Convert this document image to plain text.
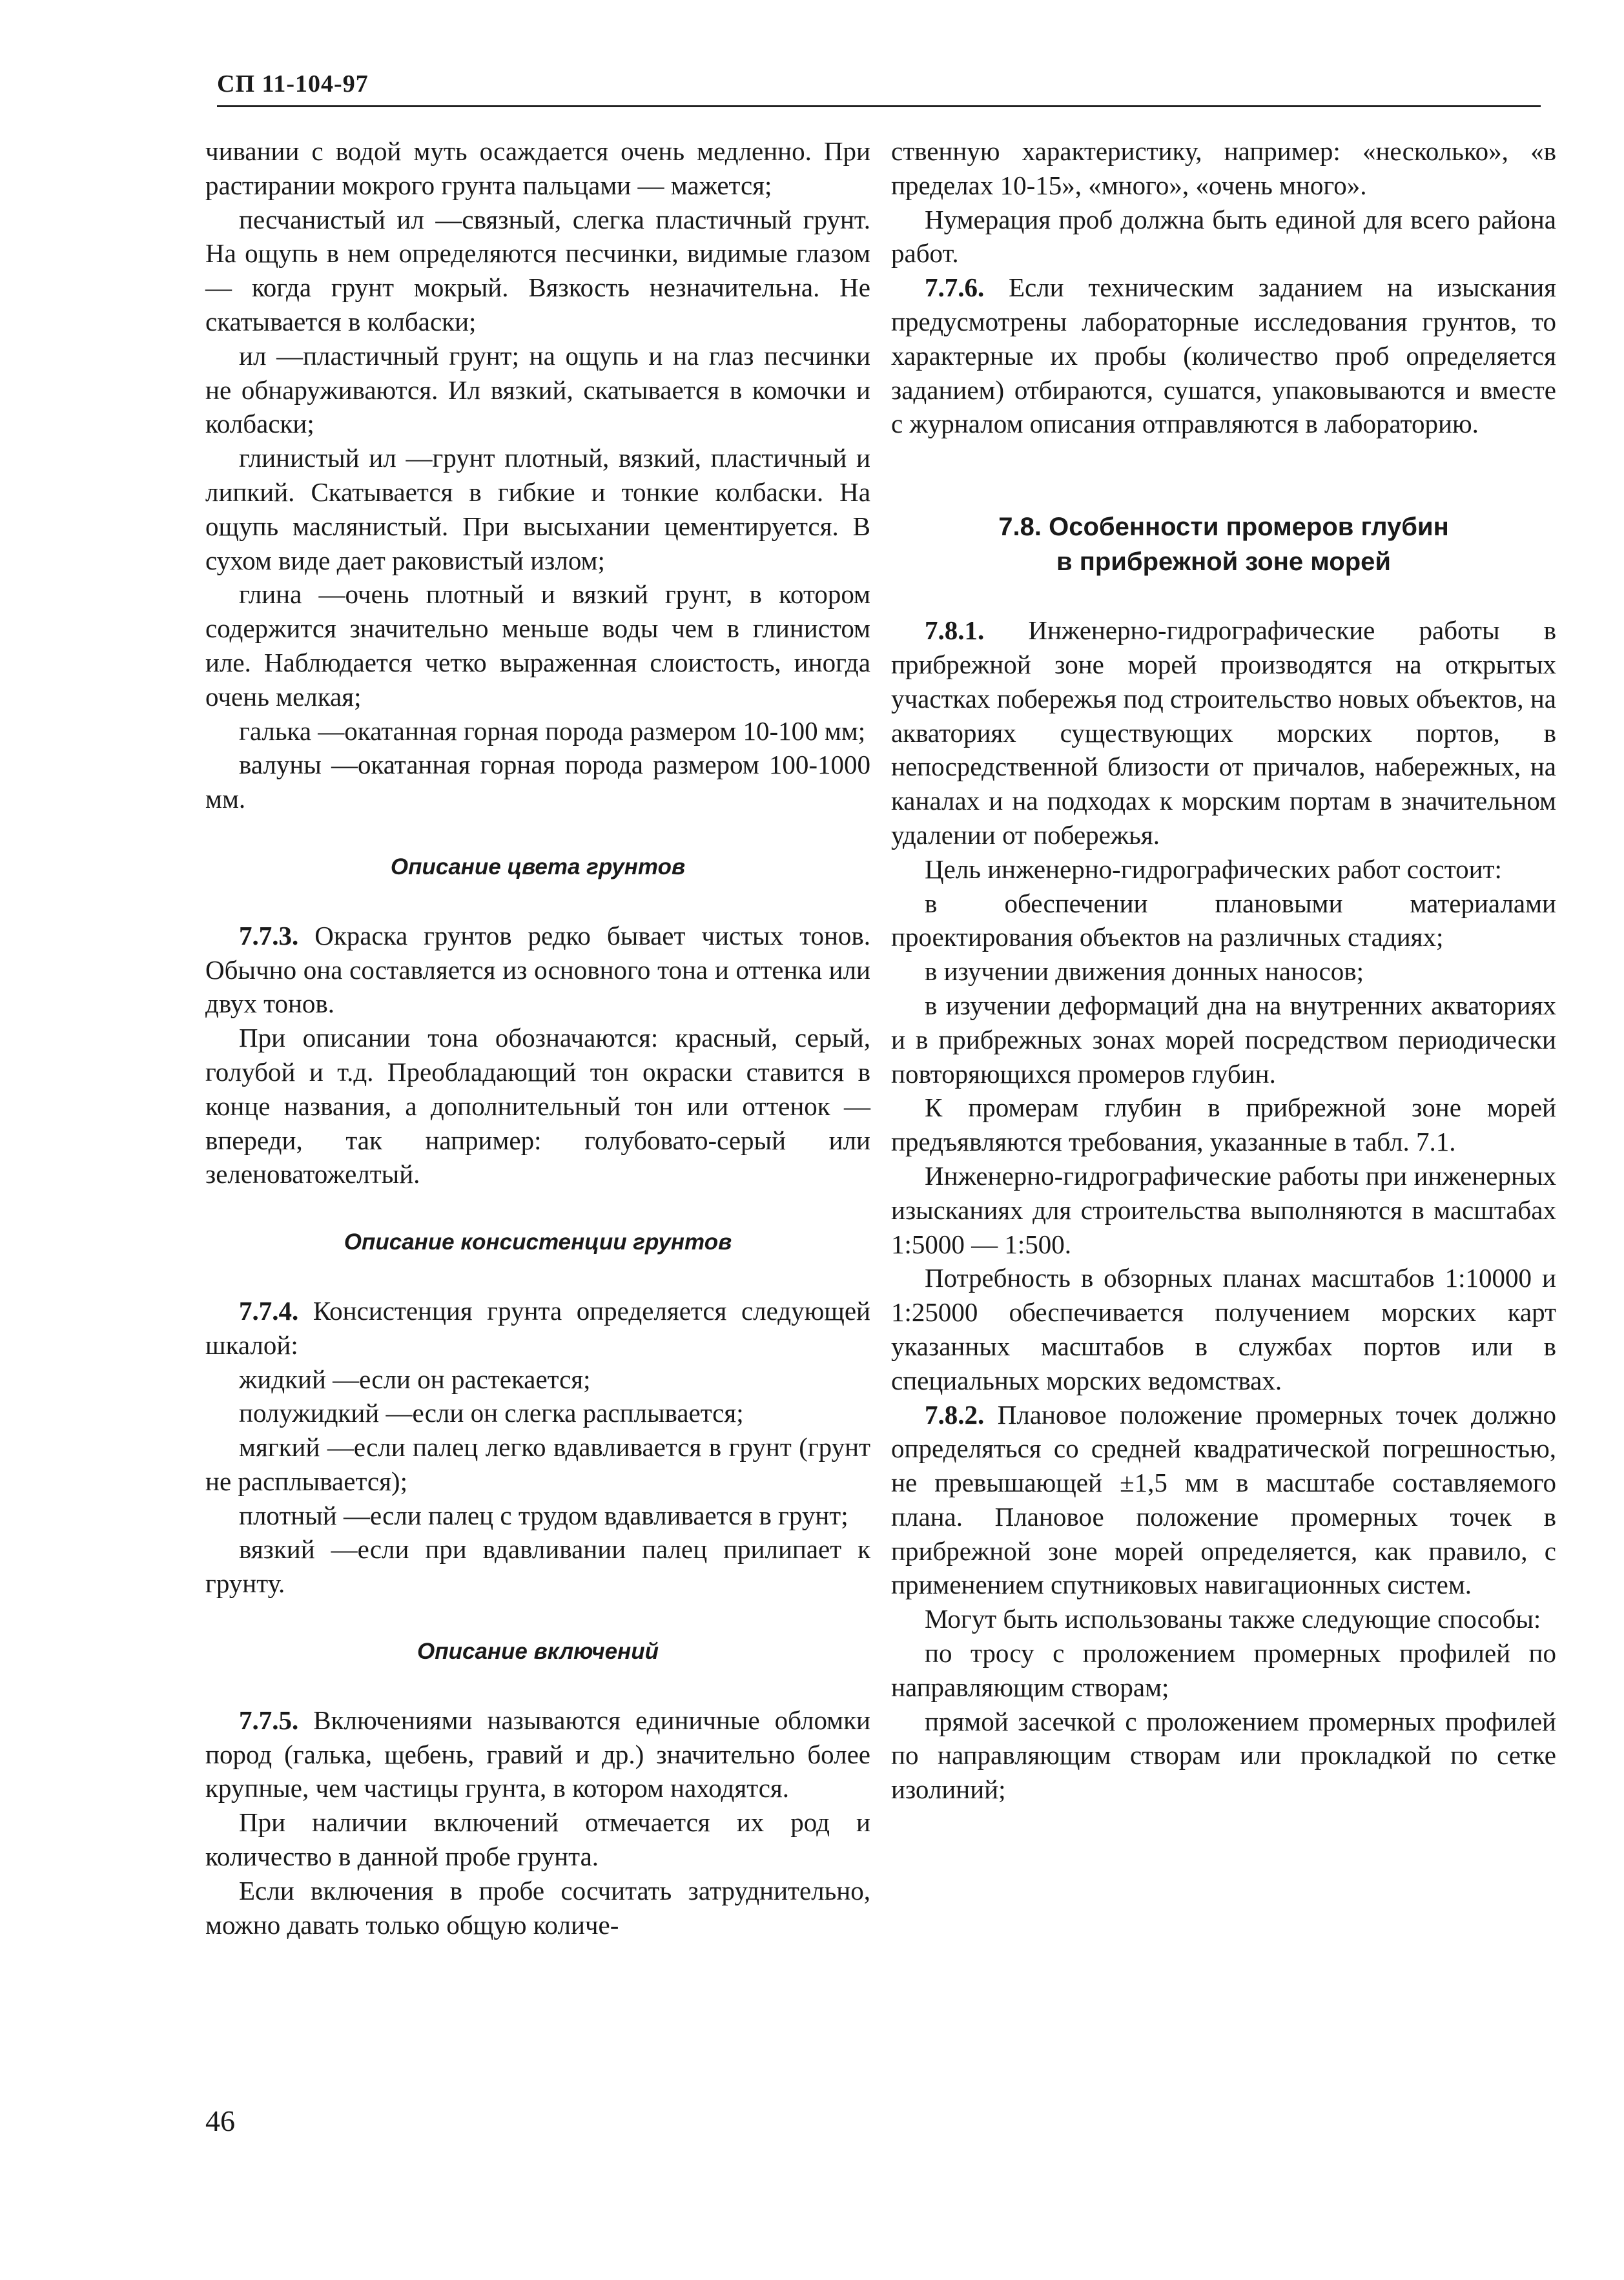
СП 11-104-97

чивании с водой муть осаждается очень медленно. При растирании мокрого грунта пальцами — мажется;

песчанистый ил —связный, слегка пластичный грунт. На ощупь в нем определяются песчинки, видимые глазом — когда грунт мокрый. Вязкость незначительна. Не скатывается в колбаски;

ил —пластичный грунт; на ощупь и на глаз песчинки не обнаруживаются. Ил вязкий, скатывается в комочки и колбаски;

глинистый ил —грунт плотный, вязкий, пластичный и липкий. Скатывается в гибкие и тонкие колбаски. На ощупь маслянистый. При высыхании цементируется. В сухом виде дает раковистый излом;

глина —очень плотный и вязкий грунт, в котором содержится значительно меньше воды чем в глинистом иле. Наблюдается четко выраженная слоистость, иногда очень мелкая;

галька —окатанная горная порода размером 10-100 мм;

валуны —окатанная горная порода размером 100-1000 мм.

Описание цвета грунтов

7.7.3. Окраска грунтов редко бывает чистых тонов. Обычно она составляется из основного тона и оттенка или двух тонов.

При описании тона обозначаются: красный, серый, голубой и т.д. Преобладающий тон окраски ставится в конце названия, а дополнительный тон или оттенок —впереди, так например: голубовато-серый или зеленоватожелтый.

Описание консистенции грунтов

7.7.4. Консистенция грунта определяется следующей шкалой:

жидкий —если он растекается;

полужидкий —если он слегка расплывается;

мягкий —если палец легко вдавливается в грунт (грунт не расплывается);

плотный —если палец с трудом вдавливается в грунт;

вязкий —если при вдавливании палец прилипает к грунту.

Описание включений

7.7.5. Включениями называются единичные обломки пород (галька, щебень, гравий и др.) значительно более крупные, чем частицы грунта, в котором находятся.

При наличии включений отмечается их род и количество в данной пробе грунта.

Если включения в пробе сосчитать затруднительно, можно давать только общую количе-

ственную характеристику, например: «несколько», «в пределах 10-15», «много», «очень много».

Нумерация проб должна быть единой для всего района работ.

7.7.6. Если техническим заданием на изыскания предусмотрены лабораторные исследования грунтов, то характерные их пробы (количество проб определяется заданием) отбираются, сушатся, упаковываются и вместе с журналом описания отправляются в лабораторию.

7.8. Особенности промеров глубин

в прибрежной зоне морей

7.8.1. Инженерно-гидрографические работы в прибрежной зоне морей производятся на открытых участках побережья под строительство новых объектов, на акваториях существующих морских портов, в непосредственной близости от причалов, набережных, на каналах и на подходах к морским портам в значительном удалении от побережья.

Цель инженерно-гидрографических работ состоит:

в обеспечении плановыми материалами проектирования объектов на различных стадиях;

в изучении движения донных наносов;

в изучении деформаций дна на внутренних акваториях и в прибрежных зонах морей посредством периодически повторяющихся промеров глубин.

К промерам глубин в прибрежной зоне морей предъявляются требования, указанные в табл. 7.1.

Инженерно-гидрографические работы при инженерных изысканиях для строительства выполняются в масштабах 1:5000 — 1:500.

Потребность в обзорных планах масштабов 1:10000 и 1:25000 обеспечивается получением морских карт указанных масштабов в службах портов или в специальных морских ведомствах.

7.8.2. Плановое положение промерных точек должно определяться со средней квадратической погрешностью, не превышающей ±1,5 мм в масштабе составляемого плана. Плановое положение промерных точек в прибрежной зоне морей определяется, как правило, с применением спутниковых навигационных систем.

Могут быть использованы также следующие способы:

по тросу с проложением промерных профилей по направляющим створам;

прямой засечкой с проложением промерных профилей по направляющим створам или прокладкой по сетке изолиний;

46
